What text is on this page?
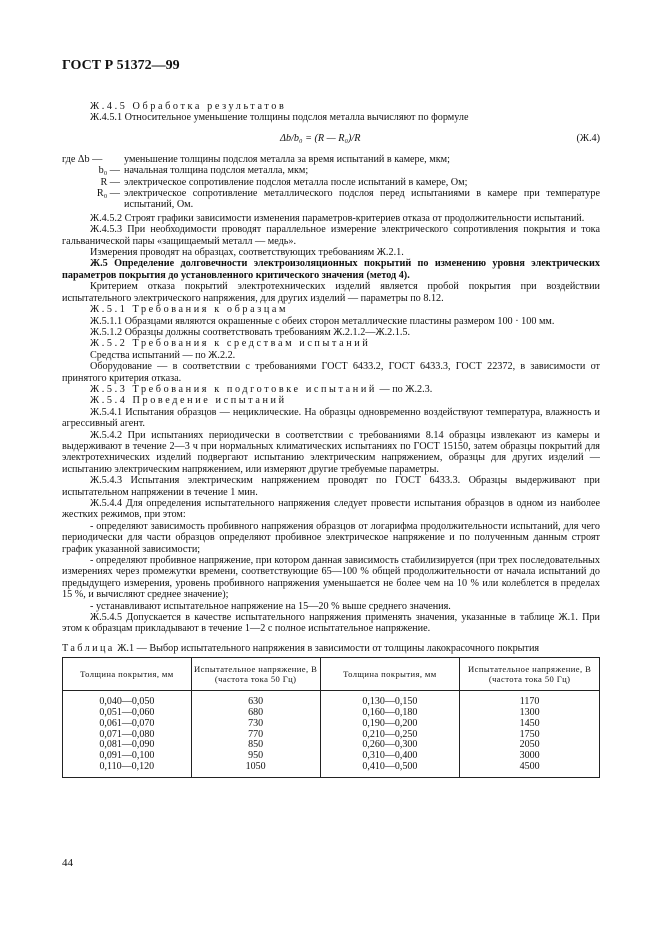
ГОСТ Р 51372—99
Ж.4.5 Обработка результатов
Ж.4.5.1 Относительное уменьшение толщины подслоя металла вычисляют по формуле
Δb/b₀ = (R — R₀)/R	(Ж.4)
где Δb —	уменьшение толщины подслоя металла за время испытаний в камере, мкм;
b₀ — начальная толщина подслоя металла, мкм;
R — электрическое сопротивление подслоя металла после испытаний в камере, Ом;
R₀ — электрическое сопротивление металлического подслоя перед испытаниями в камере при температуре испытаний, Ом.
Ж.4.5.2 Строят графики зависимости изменения параметров-критериев отказа от продолжительности испытаний.
Ж.4.5.3 При необходимости проводят параллельное измерение электрического сопротивления покрытия и тока гальванической пары «защищаемый металл — медь».
Измерения проводят на образцах, соответствующих требованиям Ж.2.1.
Ж.5 Определение долговечности электроизоляционных покрытий по изменению уровня электрических параметров покрытия до установленного критического значения (метод 4).
Критерием отказа покрытий электротехнических изделий является пробой покрытия при воздействии испытательного электрического напряжения, для других изделий — параметры по 8.12.
Ж.5.1 Требования к образцам
Ж.5.1.1 Образцами являются окрашенные с обеих сторон металлические пластины размером 100 · 100 мм.
Ж.5.1.2 Образцы должны соответствовать требованиям Ж.2.1.2—Ж.2.1.5.
Ж.5.2 Требования к средствам испытаний
Средства испытаний — по Ж.2.2.
Оборудование — в соответствии с требованиями ГОСТ 6433.2, ГОСТ 6433.3, ГОСТ 22372, в зависимости от принятого критерия отказа.
Ж.5.3 Требования к подготовке испытаний — по Ж.2.3.
Ж.5.4 Проведение испытаний
Ж.5.4.1 Испытания образцов — нециклические. На образцы одновременно воздействуют температура, влажность и агрессивный агент.
Ж.5.4.2 При испытаниях периодически в соответствии с требованиями 8.14 образцы извлекают из камеры и выдерживают в течение 2—3 ч при нормальных климатических испытаниях по ГОСТ 15150, затем образцы покрытий для электротехнических изделий подвергают испытанию электрическим напряжением, образцы для других изделий — испытанию электрическим напряжением, или измеряют другие требуемые параметры.
Ж.5.4.3 Испытания электрическим напряжением проводят по ГОСТ 6433.3. Образцы выдерживают при испытательном напряжении в течение 1 мин.
Ж.5.4.4 Для определения испытательного напряжения следует провести испытания образцов в одном из наиболее жестких режимов, при этом:
- определяют зависимость пробивного напряжения образцов от логарифма продолжительности испытаний, для чего периодически для части образцов определяют пробивное электрическое напряжение и по полученным данным строят график указанной зависимости;
- определяют пробивное напряжение, при котором данная зависимость стабилизируется (при трех последовательных измерениях через промежутки времени, соответствующие 65—100 % общей продолжительности от начала испытаний до предыдущего измерения, уровень пробивного напряжения уменьшается не более чем на 10 % или колеблется в пределах 15 %, и вычисляют среднее значение);
- устанавливают испытательное напряжение на 15—20 % выше среднего значения.
Ж.5.4.5 Допускается в качестве испытательного напряжения применять значения, указанные в таблице Ж.1. При этом к образцам прикладывают в течение 1—2 с полное испытательное напряжение.
Таблица Ж.1 — Выбор испытательного напряжения в зависимости от толщины лакокрасочного покрытия
Толщина покрытия, мм	Испытательное напряжение, В (частота тока 50 Гц)	Толщина покрытия, мм	Испытательное напряжение, В (частота тока 50 Гц)
0,040—0,050	630	0,130—0,150	1170
0,051—0,060	680	0,160—0,180	1300
0,061—0,070	730	0,190—0,200	1450
0,071—0,080	770	0,210—0,250	1750
0,081—0,090	850	0,260—0,300	2050
0,091—0,100	950	0,310—0,400	3000
0,110—0,120	1050	0,410—0,500	4500
44
